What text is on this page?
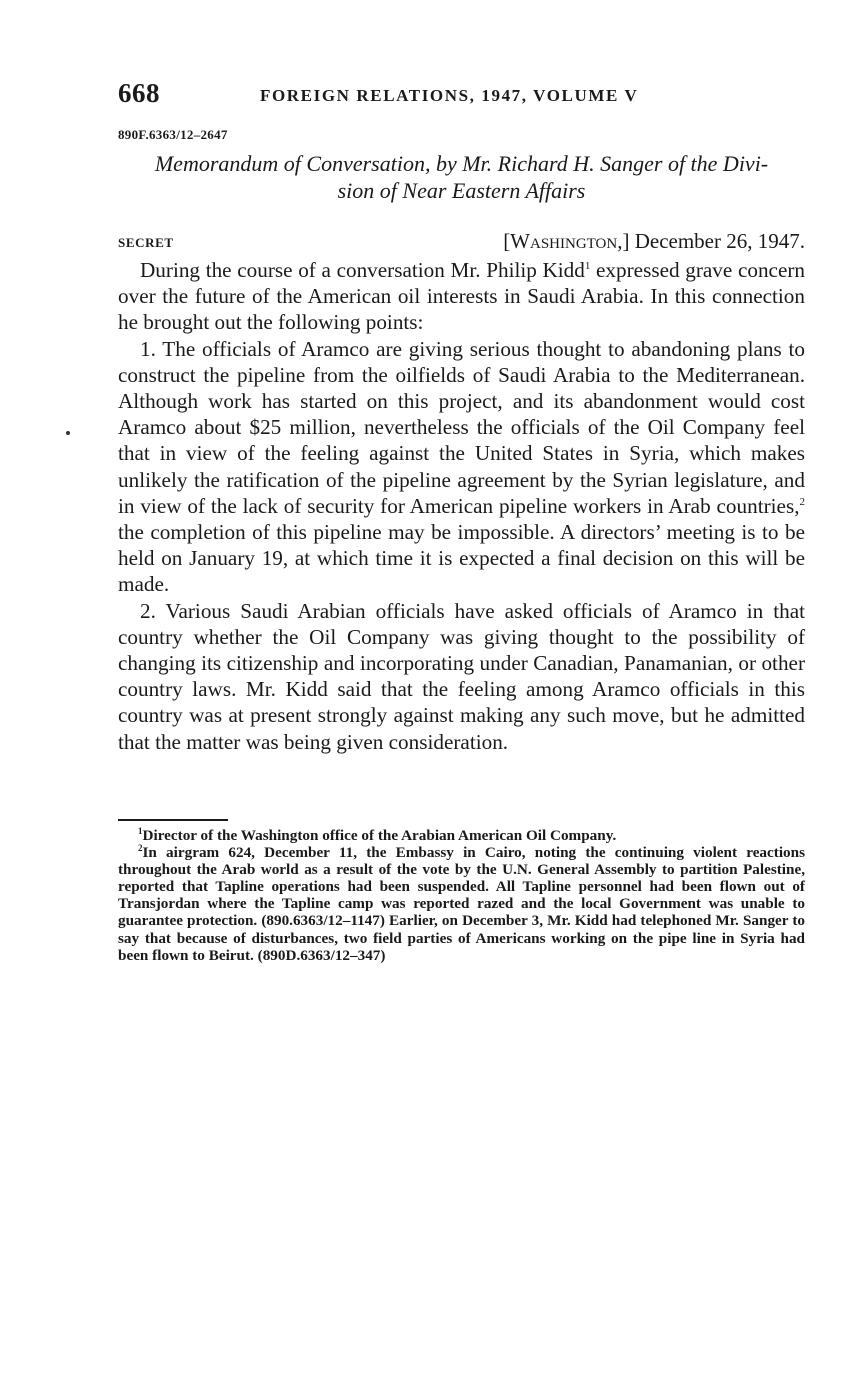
668	FOREIGN RELATIONS, 1947, VOLUME V
890F.6363/12–2647
Memorandum of Conversation, by Mr. Richard H. Sanger of the Divi-
sion of Near Eastern Affairs
SECRET	[Washington,] December 26, 1947.

During the course of a conversation Mr. Philip Kidd$^1$ expressed grave concern over the future of the American oil interests in Saudi Arabia. In this connection he brought out the following points:

1. The officials of Aramco are giving serious thought to abandoning plans to construct the pipeline from the oilfields of Saudi Arabia to the Mediterranean. Although work has started on this project, and its abandonment would cost Aramco about $25 million, nevertheless the officials of the Oil Company feel that in view of the feeling against the United States in Syria, which makes unlikely the ratification of the pipeline agreement by the Syrian legislature, and in view of the lack of security for American pipeline workers in Arab countries,$^2$ the completion of this pipeline may be impossible. A directors’ meeting is to be held on January 19, at which time it is expected a final decision on this will be made.

2. Various Saudi Arabian officials have asked officials of Aramco in that country whether the Oil Company was giving thought to the possibility of changing its citizenship and incorporating under Canadian, Panamanian, or other country laws. Mr. Kidd said that the feeling among Aramco officials in this country was at present strongly against making any such move, but he admitted that the matter was being given consideration.

$^1$Director of the Washington office of the Arabian American Oil Company.

$^2$In airgram 624, December 11, the Embassy in Cairo, noting the continuing violent reactions throughout the Arab world as a result of the vote by the U.N. General Assembly to partition Palestine, reported that Tapline operations had been suspended. All Tapline personnel had been flown out of Transjordan where the Tapline camp was reported razed and the local Government was unable to guarantee protection. (890.6363/12–1147) Earlier, on December 3, Mr. Kidd had telephoned Mr. Sanger to say that because of disturbances, two field parties of Americans working on the pipe line in Syria had been flown to Beirut. (890D.6363/12–347)
